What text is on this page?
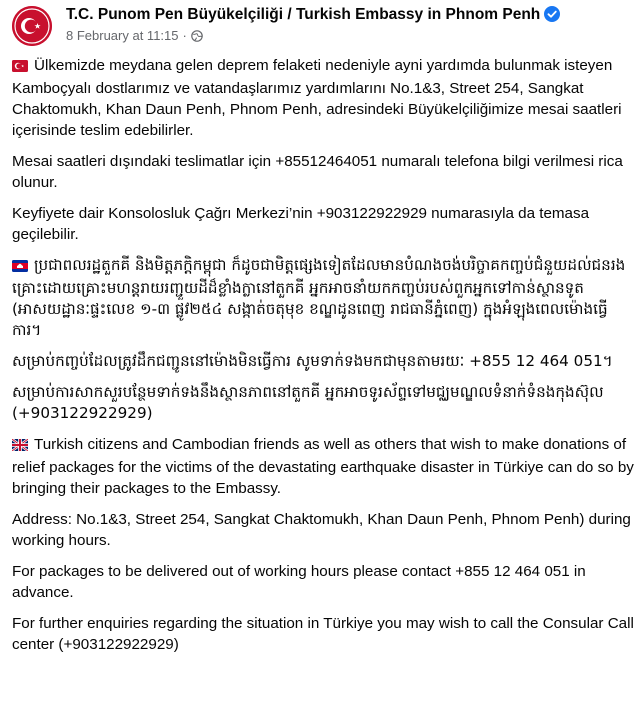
T.C. Punom Pen Büyükelçiliği / Turkish Embassy in Phnom Penh
8 February at 11:15 ·

Ülkemizde meydana gelen deprem felaketi nedeniyle ayni yardımda bulunmak isteyen Kamboçyalı dostlarımız ve vatandaşlarımız yardımlarını No.1&3, Street 254, Sangkat Chaktomukh, Khan Daun Penh, Phnom Penh, adresindeki Büyükelçiliğimize mesai saatleri içerisinde teslim edebilirler.

Mesai saatleri dışındaki teslimatlar için +85512464051 numaralı telefona bilgi verilmesi rica olunur.

Keyfiyete dair Konsolosluk Çağrı Merkezi’nin +903122922929 numarasıyla da temasa geçilebilir.

ប្រជាពលរដ្ឋតួកគី និងមិត្តភក្តិកម្ពុជា ក៏ដូចជាមិត្តផ្សេងទៀតដែលមានបំណងចង់បរិច្ចាគកញ្ចប់ជំនួយដល់ជនរងគ្រោះដោយគ្រោះមហន្តរាយរញ្ជួយដីដ៏ខ្លាំងក្លានៅតួកគី អ្នកអាចនាំយកកញ្ចប់របស់ពួកអ្នកទៅកាន់ស្ថានទូត (អាសយដ្ឋានៈផ្ទះលេខ ១-៣ ផ្លូវ២៥៤ សង្កាត់ចតុមុខ ខណ្ឌដូនពេញ រាជធានីភ្នំពេញ) ក្នុងអំឡុងពេលម៉ោងធ្វើការ។

សម្រាប់កញ្ចប់ដែលត្រូវដឹកជញ្ជូននៅម៉ោងមិនធ្វើការ សូមទាក់ទងមកជាមុនតាមរយៈ +855 12 464 051។

សម្រាប់ការសាកសួរបន្ថែមទាក់ទងនឹងស្ថានភាពនៅតួកគី អ្នកអាចទូរស័ព្ទទៅមជ្ឈមណ្ឌលទំនាក់ទំនងកុងស៊ុល (+903122922929)

Turkish citizens and Cambodian friends as well as others that wish to make donations of relief packages for the victims of the devastating earthquake disaster in Türkiye can do so by bringing their packages to the Embassy.

Address: No.1&3, Street 254, Sangkat Chaktomukh, Khan Daun Penh, Phnom Penh) during working hours.

For packages to be delivered out of working hours please contact +855 12 464 051 in advance.

For further enquiries regarding the situation in Türkiye you may wish to call the Consular Call center (+903122922929)
